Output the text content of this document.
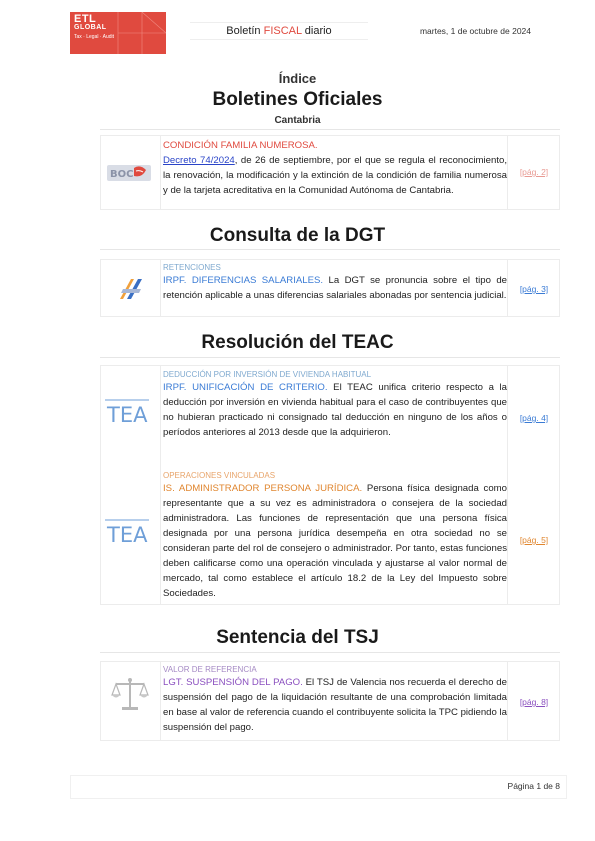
ETL
GLOBAL
Tax · Legal · Audit	Boletín FISCAL diario	martes, 1 de octubre de 2024
Índice
Boletines Oficiales
Cantabria
BOC
CONDICIÓN FAMILIA NUMEROSA.
Decreto 74/2024, de 26 de septiembre, por el que se regula el reconocimiento, la renovación, la modificación y la extinción de la condición de familia numerosa y de la tarjeta acreditativa en la Comunidad Autónoma de Cantabria.
[pág. 2]
Consulta de la DGT
RETENCIONES
IRPF. DIFERENCIAS SALARIALES. La DGT se pronuncia sobre el tipo de retención aplicable a unas diferencias salariales abonadas por sentencia judicial.
[pág. 3]
Resolución del TEAC
TEA
TEA
DEDUCCIÓN POR INVERSIÓN DE VIVIENDA HABITUAL
IRPF. UNIFICACIÓN DE CRITERIO. El TEAC unifica criterio respecto a la deducción por inversión en vivienda habitual para el caso de contribuyentes que no hubieran practicado ni consignado tal deducción en ninguno de los años o períodos anteriores al 2013 desde que la adquirieron.
OPERACIONES VINCULADAS
IS. ADMINISTRADOR PERSONA JURÍDICA. Persona física designada como representante que a su vez es administradora o consejera de la sociedad administradora. Las funciones de representación que una persona física designada por una persona jurídica desempeña en otra sociedad no se consideran parte del rol de consejero o administrador. Por tanto, estas funciones deben calificarse como una operación vinculada y ajustarse al valor normal de mercado, tal como establece el artículo 18.2 de la Ley del Impuesto sobre Sociedades.
[pág. 4]
[pág. 5]
Sentencia del TSJ
VALOR DE REFERENCIA
LGT. SUSPENSIÓN DEL PAGO. El TSJ de Valencia nos recuerda el derecho de suspensión del pago de la liquidación resultante de una comprobación limitada en base al valor de referencia cuando el contribuyente solicita la TPC pidiendo la suspensión del pago.
[pág. 8]
Página 1 de 8
